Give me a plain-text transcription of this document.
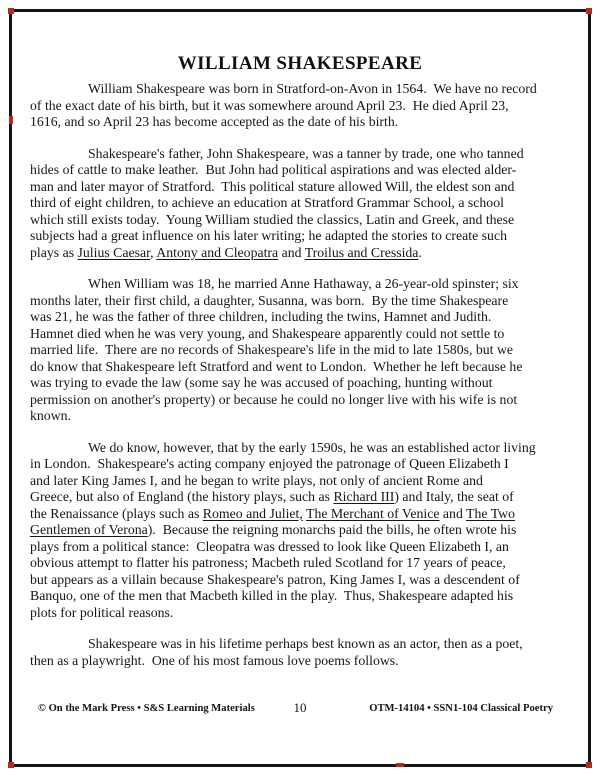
WILLIAM SHAKESPEARE
William Shakespeare was born in Stratford-on-Avon in 1564.  We have no record
of the exact date of his birth, but it was somewhere around April 23.  He died April 23,
1616, and so April 23 has become accepted as the date of his birth.
Shakespeare's father, John Shakespeare, was a tanner by trade, one who tanned
hides of cattle to make leather.  But John had political aspirations and was elected alder-
man and later mayor of Stratford.  This political stature allowed Will, the eldest son and
third of eight children, to achieve an education at Stratford Grammar School, a school
which still exists today.  Young William studied the classics, Latin and Greek, and these
subjects had a great influence on his later writing; he adapted the stories to create such
plays as Julius Caesar, Antony and Cleopatra and Troilus and Cressida.
When William was 18, he married Anne Hathaway, a 26-year-old spinster; six
months later, their first child, a daughter, Susanna, was born.  By the time Shakespeare
was 21, he was the father of three children, including the twins, Hamnet and Judith.
Hamnet died when he was very young, and Shakespeare apparently could not settle to
married life.  There are no records of Shakespeare's life in the mid to late 1580s, but we
do know that Shakespeare left Stratford and went to London.  Whether he left because he
was trying to evade the law (some say he was accused of poaching, hunting without
permission on another's property) or because he could no longer live with his wife is not
known.
We do know, however, that by the early 1590s, he was an established actor living
in London.  Shakespeare's acting company enjoyed the patronage of Queen Elizabeth I
and later King James I, and he began to write plays, not only of ancient Rome and
Greece, but also of England (the history plays, such as Richard III) and Italy, the seat of
the Renaissance (plays such as Romeo and Juliet, The Merchant of Venice and The Two
Gentlemen of Verona).  Because the reigning monarchs paid the bills, he often wrote his
plays from a political stance:  Cleopatra was dressed to look like Queen Elizabeth I, an
obvious attempt to flatter his patroness; Macbeth ruled Scotland for 17 years of peace,
but appears as a villain because Shakespeare's patron, King James I, was a descendent of
Banquo, one of the men that Macbeth killed in the play.  Thus, Shakespeare adapted his
plots for political reasons.
Shakespeare was in his lifetime perhaps best known as an actor, then as a poet,
then as a playwright.  One of his most famous love poems follows.
© On the Mark Press • S&S Learning Materials	10	OTM-14104 • SSN1-104 Classical Poetry
